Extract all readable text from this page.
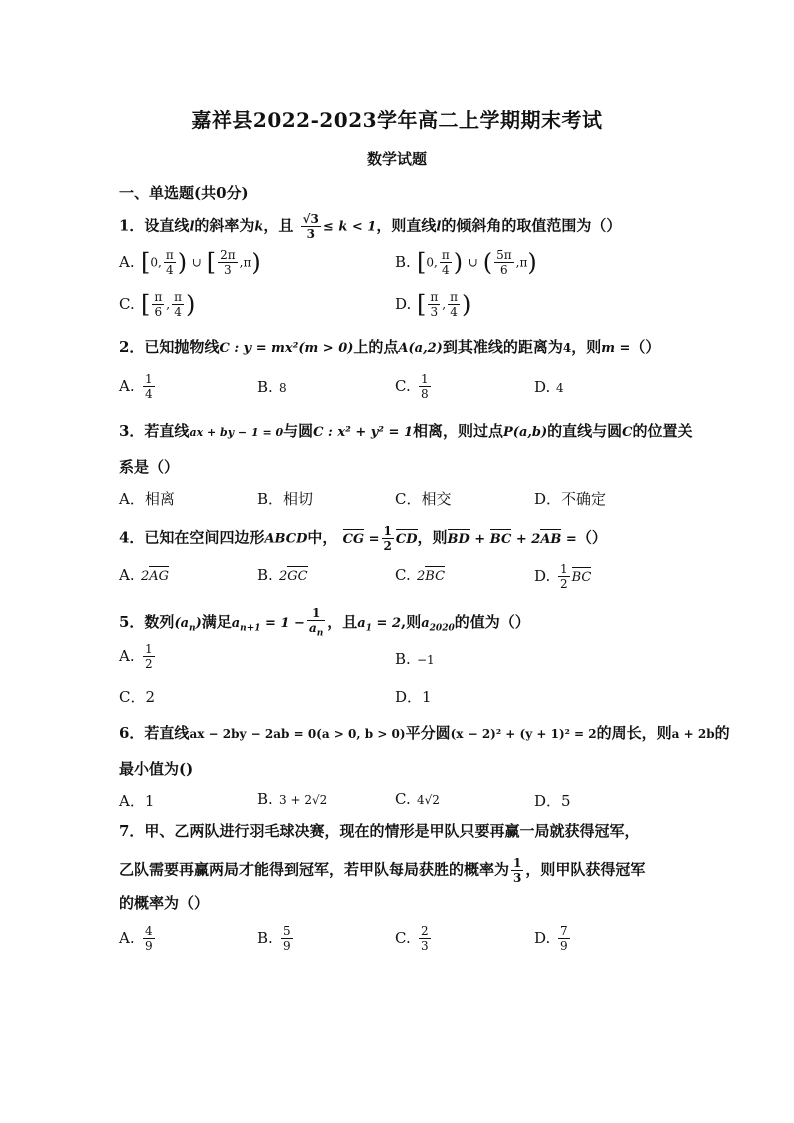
嘉祥县2022-2023学年高二上学期期末考试
数学试题
一、单选题(共0分)
1．设直线l的斜率为k，且 $\frac{√3}{3} \le k < 1$，则直线l的倾斜角的取值范围为（）
A. [0, $\frac{\pi}{4}$ ) ∪ [ $\frac{2\pi}{3} ,\pi$)	B. [0, $\frac{\pi}{4}$ ) ∪ ( $\frac{5\pi}{6} ,\pi$)
C. [ $\frac{\pi}{6}$ , $\frac{\pi}{4}$ )	D. [ $\frac{\pi}{3}$ , $\frac{\pi}{4}$ )
2．已知抛物线C : y = mx²(m > 0)上的点A(a,2)到其准线的距离为4，则m =（）
A. $\frac{1}{4}$	B. 8	C. $\frac{1}{8}$	D. 4
3．若直线ax + by − 1 = 0与圆C : x² + y² = 1相离，则过点P(a,b)的直线与圆C的位置关
系是（）
A．相离	B．相切	C．相交	D．不确定
4．已知在空间四边形ABCD中， CG = $\frac{1}{2}$ CD，则BD + BC + 2AB =（）
A. 2AG	B. 2GC	C. 2BC	D. $\frac{1}{2}$ BC
5．数列$(a_n)$满足$a_{n+1} = 1 - \frac{1}{a_n}$ ，且$a_1 = 2$,则$a_{2020}$的值为（）
A. $\frac{1}{2}$	B. −1
C．2	D．1
6．若直线ax − 2by − 2ab = 0(a > 0, b > 0)平分圆(x − 2)² + (y + 1)² = 2的周长，则a + 2b的
最小值为()
A．1	B. 3 + 2√2	C. 4√2	D．5
7．甲、乙两队进行羽毛球决赛，现在的情形是甲队只要再赢一局就获得冠军，
乙队需要再赢两局才能得到冠军，若甲队每局获胜的概率为 $\frac{1}{3}$ ，则甲队获得冠军
的概率为（）
A. $\frac{4}{9}$	B. $\frac{5}{9}$	C. $\frac{2}{3}$	D. $\frac{7}{9}$
